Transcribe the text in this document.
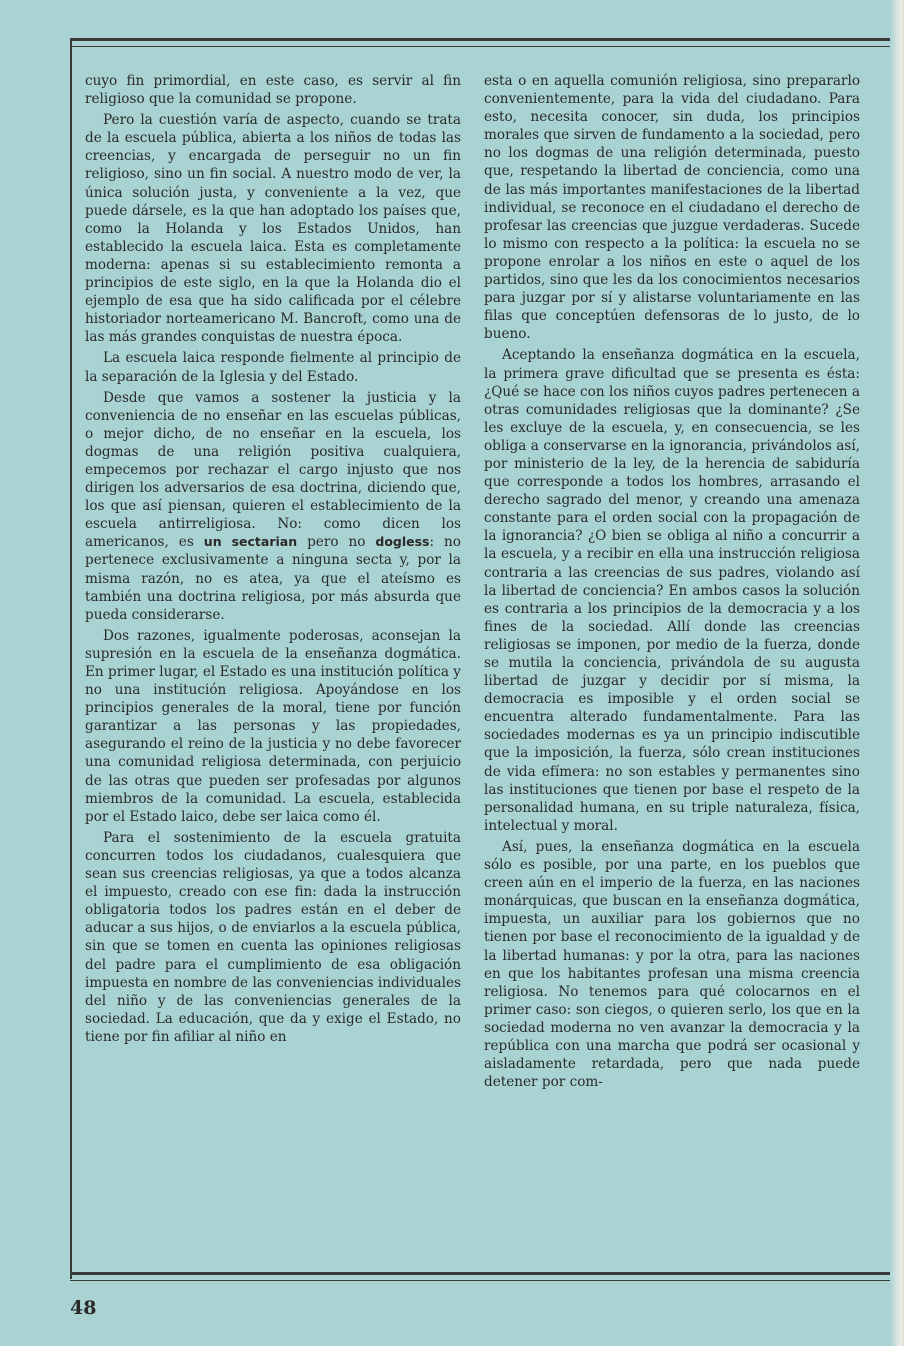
cuyo fin primordial, en este caso, es servir al fin religioso que la comunidad se propone.

Pero la cuestión varía de aspecto, cuando se trata de la escuela pública, abierta a los niños de todas las creencias, y encargada de perseguir no un fin religioso, sino un fin social. A nuestro modo de ver, la única solución justa, y conveniente a la vez, que puede dársele, es la que han adoptado los países que, como la Holanda y los Estados Unidos, han establecido la escuela laica. Esta es completamente moderna: apenas si su establecimiento remonta a principios de este siglo, en la que la Holanda dio el ejemplo de esa que ha sido calificada por el célebre historiador norteamericano M. Bancroft, como una de las más grandes conquistas de nuestra época.

La escuela laica responde fielmente al principio de la separación de la Iglesia y del Estado.

Desde que vamos a sostener la justicia y la conveniencia de no enseñar en las escuelas públicas, o mejor dicho, de no enseñar en la escuela, los dogmas de una religión positiva cualquiera, empecemos por rechazar el cargo injusto que nos dirigen los adversarios de esa doctrina, diciendo que, los que así piensan, quieren el establecimiento de la escuela antirreligiosa. No: como dicen los americanos, es un sectarian pero no dogless: no pertenece exclusivamente a ninguna secta y, por la misma razón, no es atea, ya que el ateísmo es también una doctrina religiosa, por más absurda que pueda considerarse.

Dos razones, igualmente poderosas, aconsejan la supresión en la escuela de la enseñanza dogmática. En primer lugar, el Estado es una institución política y no una institución religiosa. Apoyándose en los principios generales de la moral, tiene por función garantizar a las personas y las propiedades, asegurando el reino de la justicia y no debe favorecer una comunidad religiosa determinada, con perjuicio de las otras que pueden ser profesadas por algunos miembros de la comunidad. La escuela, establecida por el Estado laico, debe ser laica como él.

Para el sostenimiento de la escuela gratuita concurren todos los ciudadanos, cualesquiera que sean sus creencias religiosas, ya que a todos alcanza el impuesto, creado con ese fin: dada la instrucción obligatoria todos los padres están en el deber de aducar a sus hijos, o de enviarlos a la escuela pública, sin que se tomen en cuenta las opiniones religiosas del padre para el cumplimiento de esa obligación impuesta en nombre de las conveniencias individuales del niño y de las conveniencias generales de la sociedad. La educación, que da y exige el Estado, no tiene por fin afiliar al niño en

esta o en aquella comunión religiosa, sino prepararlo convenientemente, para la vida del ciudadano. Para esto, necesita conocer, sin duda, los principios morales que sirven de fundamento a la sociedad, pero no los dogmas de una religión determinada, puesto que, respetando la libertad de conciencia, como una de las más importantes manifestaciones de la libertad individual, se reconoce en el ciudadano el derecho de profesar las creencias que juzgue verdaderas. Sucede lo mismo con respecto a la política: la escuela no se propone enrolar a los niños en este o aquel de los partidos, sino que les da los conocimientos necesarios para juzgar por sí y alistarse voluntariamente en las filas que conceptúen defensoras de lo justo, de lo bueno.

Aceptando la enseñanza dogmática en la escuela, la primera grave dificultad que se presenta es ésta: ¿Qué se hace con los niños cuyos padres pertenecen a otras comunidades religiosas que la dominante? ¿Se les excluye de la escuela, y, en consecuencia, se les obliga a conservarse en la ignorancia, privándolos así, por ministerio de la ley, de la herencia de sabiduría que corresponde a todos los hombres, arrasando el derecho sagrado del menor, y creando una amenaza constante para el orden social con la propagación de la ignorancia? ¿O bien se obliga al niño a concurrir a la escuela, y a recibir en ella una instrucción religiosa contraria a las creencias de sus padres, violando así la libertad de conciencia? En ambos casos la solución es contraria a los principios de la democracia y a los fines de la sociedad. Allí donde las creencias religiosas se imponen, por medio de la fuerza, donde se mutila la conciencia, privándola de su augusta libertad de juzgar y decidir por sí misma, la democracia es imposible y el orden social se encuentra alterado fundamentalmente. Para las sociedades modernas es ya un principio indiscutible que la imposición, la fuerza, sólo crean instituciones de vida efímera: no son estables y permanentes sino las instituciones que tienen por base el respeto de la personalidad humana, en su triple naturaleza, física, intelectual y moral.

Así, pues, la enseñanza dogmática en la escuela sólo es posible, por una parte, en los pueblos que creen aún en el imperio de la fuerza, en las naciones monárquicas, que buscan en la enseñanza dogmática, impuesta, un auxiliar para los gobiernos que no tienen por base el reconocimiento de la igualdad y de la libertad humanas: y por la otra, para las naciones en que los habitantes profesan una misma creencia religiosa. No tenemos para qué colocarnos en el primer caso: son ciegos, o quieren serlo, los que en la sociedad moderna no ven avanzar la democracia y la república con una marcha que podrá ser ocasional y aisladamente retardada, pero que nada puede detener por com-

48
